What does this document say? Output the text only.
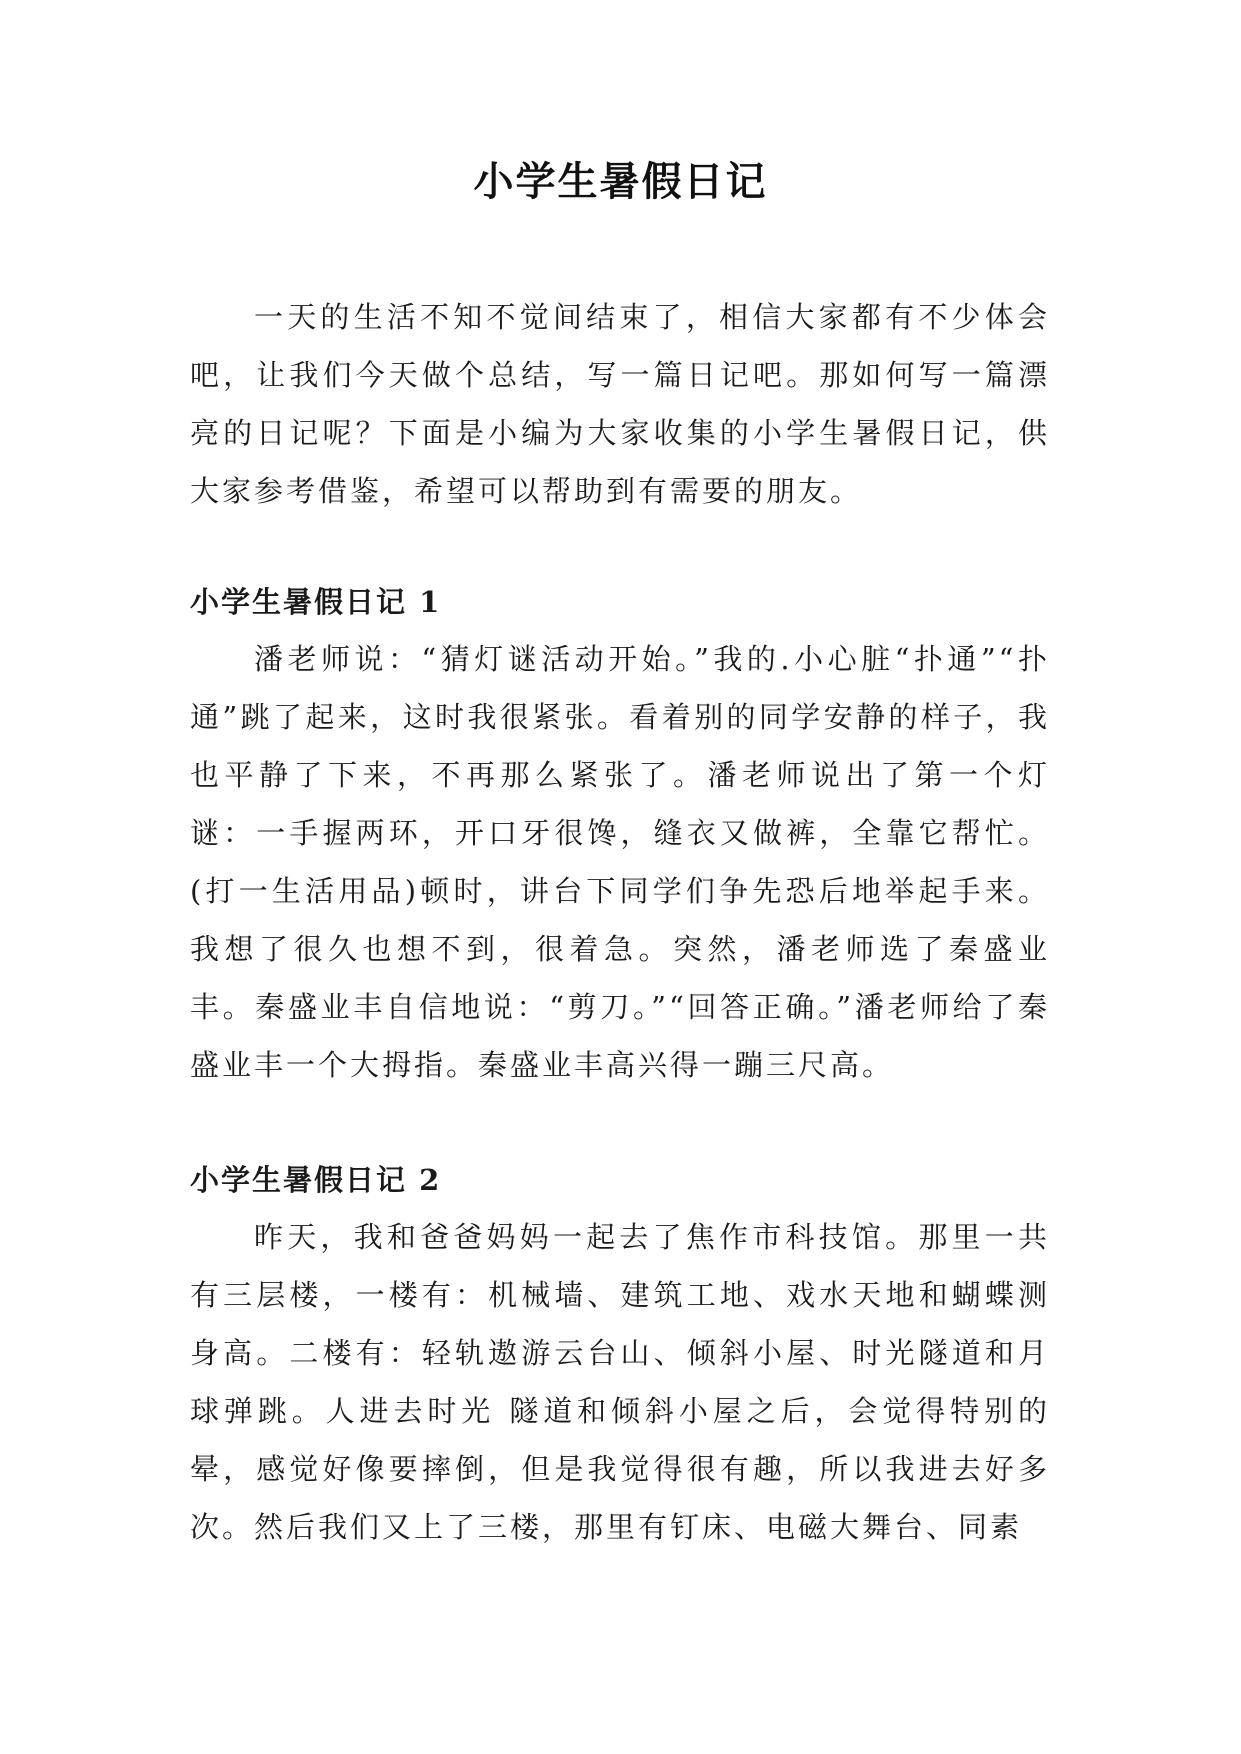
小学生暑假日记

一天的生活不知不觉间结束了，相信大家都有不少体会吧，让我们今天做个总结，写一篇日记吧。那如何写一篇漂亮的日记呢？下面是小编为大家收集的小学生暑假日记，供大家参考借鉴，希望可以帮助到有需要的朋友。

小学生暑假日记 1

潘老师说：“猜灯谜活动开始。”我的.小心脏“扑通”“扑通”跳了起来，这时我很紧张。看着别的同学安静的样子，我也平静了下来，不再那么紧张了。潘老师说出了第一个灯谜：一手握两环，开口牙很馋，缝衣又做裤，全靠它帮忙。(打一生活用品)顿时，讲台下同学们争先恐后地举起手来。我想了很久也想不到，很着急。突然，潘老师选了秦盛业丰。秦盛业丰自信地说：“剪刀。”“回答正确。”潘老师给了秦盛业丰一个大拇指。秦盛业丰高兴得一蹦三尺高。

小学生暑假日记 2

昨天，我和爸爸妈妈一起去了焦作市科技馆。那里一共有三层楼，一楼有：机械墙、建筑工地、戏水天地和蝴蝶测身高。二楼有：轻轨遨游云台山、倾斜小屋、时光隧道和月球弹跳。人进去时光 隧道和倾斜小屋之后，会觉得特别的晕，感觉好像要摔倒，但是我觉得很有趣，所以我进去好多次。然后我们又上了三楼，那里有钉床、电磁大舞台、同素
